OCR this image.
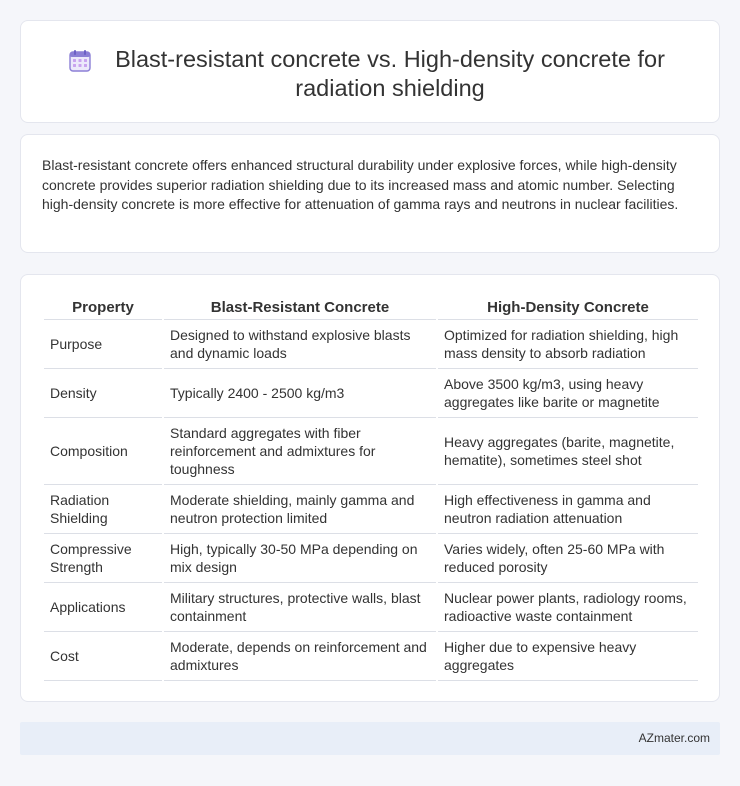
Blast-resistant concrete vs. High-density concrete for radiation shielding

Blast-resistant concrete offers enhanced structural durability under explosive forces, while high-density concrete provides superior radiation shielding due to its increased mass and atomic number. Selecting high-density concrete is more effective for attenuation of gamma rays and neutrons in nuclear facilities.

Property	Blast-Resistant Concrete	High-Density Concrete
Purpose	Designed to withstand explosive blasts and dynamic loads	Optimized for radiation shielding, high mass density to absorb radiation
Density	Typically 2400 - 2500 kg/m3	Above 3500 kg/m3, using heavy aggregates like barite or magnetite
Composition	Standard aggregates with fiber reinforcement and admixtures for toughness	Heavy aggregates (barite, magnetite, hematite), sometimes steel shot
Radiation Shielding	Moderate shielding, mainly gamma and neutron protection limited	High effectiveness in gamma and neutron radiation attenuation
Compressive Strength	High, typically 30-50 MPa depending on mix design	Varies widely, often 25-60 MPa with reduced porosity
Applications	Military structures, protective walls, blast containment	Nuclear power plants, radiology rooms, radioactive waste containment
Cost	Moderate, depends on reinforcement and admixtures	Higher due to expensive heavy aggregates
AZmater.com
